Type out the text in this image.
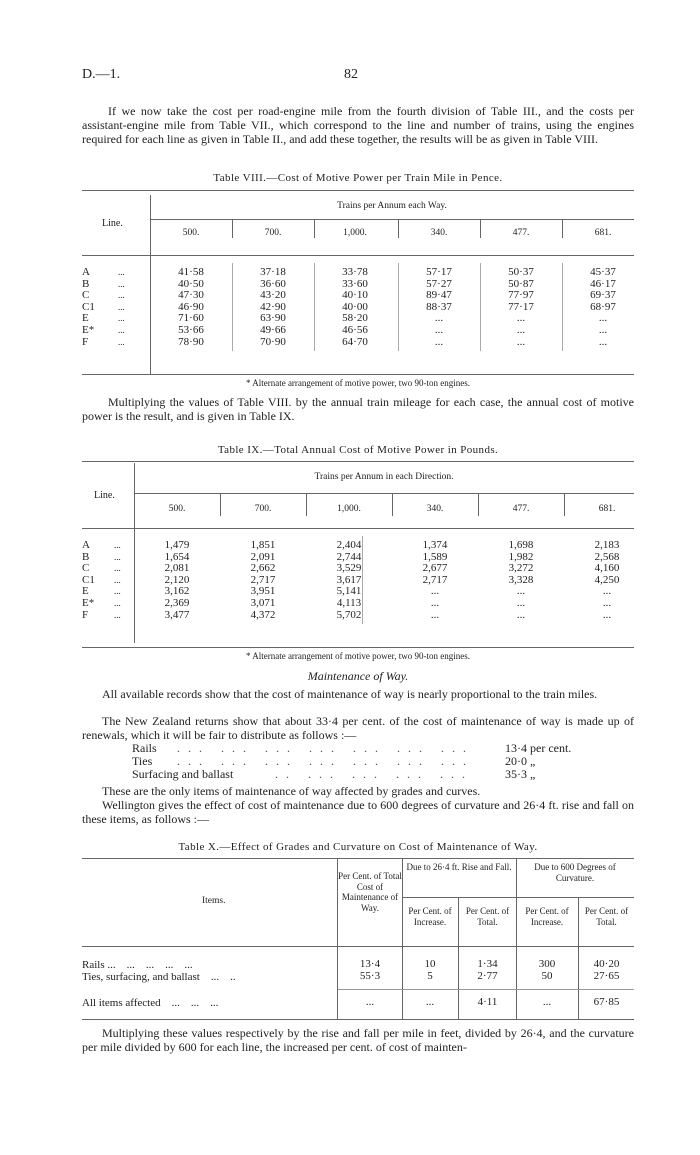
D.—1.	82

If we now take the cost per road-engine mile from the fourth division of Table III., and the costs per assistant-engine mile from Table VII., which correspond to the line and number of trains, using the engines required for each line as given in Table II., and add these together, the results will be as given in Table VIII.

Table VIII.—Cost of Motive Power per Train Mile in Pence.
Line.
Trains per Annum each Way.
500.	700.	1,000.	340.	477.	681.
A	...	41·58	37·18	33·78	57·17	50·37	45·37
B	...	40·50	36·60	33·60	57·27	50·87	46·17
C	...	47·30	43·20	40·10	89·47	77·97	69·37
C1	...	46·90	42·90	40·00	88·37	77·17	68·97
E	...	71·60	63·90	58·20	...	...	...
E*	...	53·66	49·66	46·56	...	...	...
F	...	78·90	70·90	64·70	...	...	...
* Alternate arrangement of motive power, two 90-ton engines.

Multiplying the values of Table VIII. by the annual train mileage for each case, the annual cost of motive power is the result, and is given in Table IX.

Table IX.—Total Annual Cost of Motive Power in Pounds.
Line.
Trains per Annum in each Direction.
500.	700.	1,000.	340.	477.	681.
A	...	1,479	1,851	2,404	1,374	1,698	2,183
B	...	1,654	2,091	2,744	1,589	1,982	2,568
C	...	2,081	2,662	3,529	2,677	3,272	4,160
C1 ...	2,120	2,717	3,617	2,717	3,328	4,250
E	...	3,162	3,951	5,141	...	...	...
E* ...	2,369	3,071	4,113	...	...	...
F	...	3,477	4,372	5,702	...	...	...
* Alternate arrangement of motive power, two 90-ton engines.
Maintenance of Way.

All available records show that the cost of maintenance of way is nearly proportional to the train miles.

The New Zealand returns show that about 33·4 per cent. of the cost of maintenance of way is made up of renewals, which it will be fair to distribute as follows :—

Rails ... ... ... ... ... ... ...	13·4 per cent.
Ties ... ... ... ... ... ... ...	20·0 „
Surfacing and ballast	.. ... ... ... ...	35·3 „

These are the only items of maintenance of way affected by grades and curves.

Wellington gives the effect of cost of maintenance due to 600 degrees of curvature and 26·4 ft. rise and fall on these items, as follows :—

Table X.—Effect of Grades and Curvature on Cost of Maintenance of Way.
Items.
Per Cent. of Total Cost of Maintenance of Way.
Due to 26·4 ft. Rise and Fall.	Due to 600 Degrees of Curvature.
Per Cent. of Increase.
Per Cent. of Total.
Per Cent. of Increase.
Per Cent. of Total.
Rails ...    ...    ...    ...    ...	13·4	10	1·34	300	40·20
Ties, surfacing, and ballast    ...    ..	55·3	5	2·77	50	27·65
All items affected    ...    ...    ...	...	...	4·11	...	67·85

Multiplying these values respectively by the rise and fall per mile in feet, divided by 26·4, and the curvature per mile divided by 600 for each line, the increased per cent. of cost of mainten-
